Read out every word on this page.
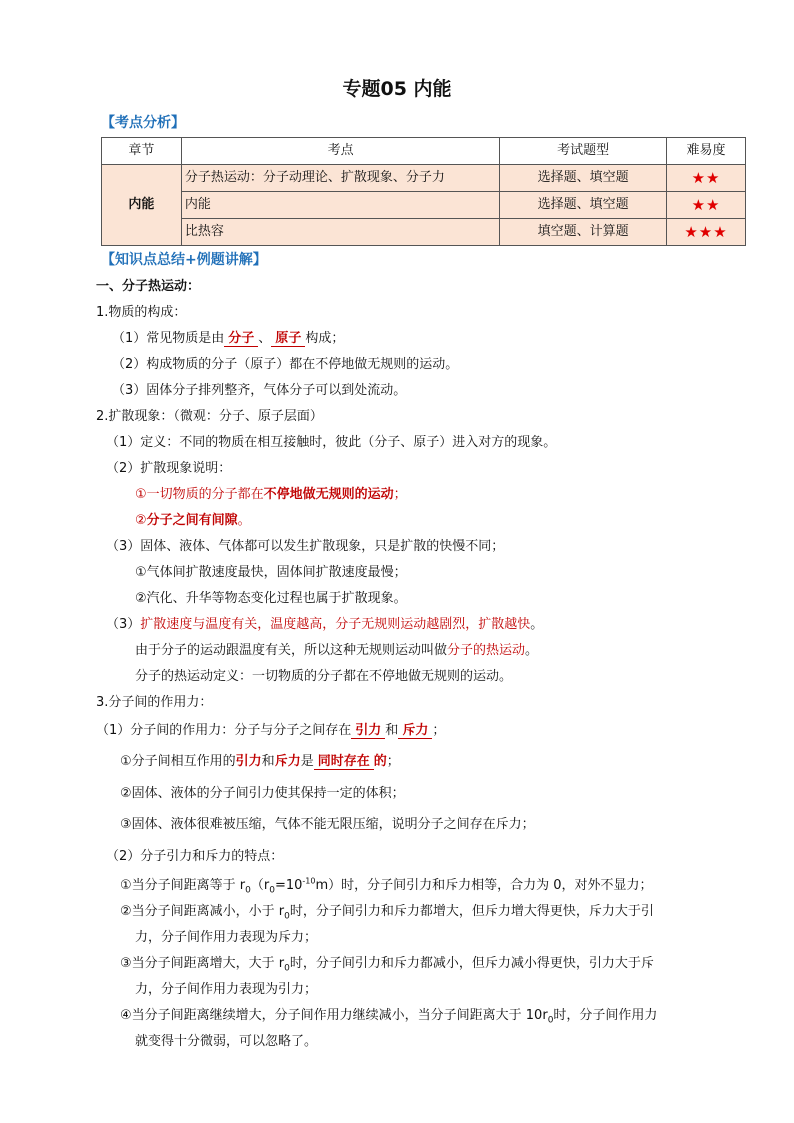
专题05 内能
【考点分析】
章节	考点	考试题型	难易度
内能	分子热运动：分子动理论、扩散现象、分子力	选择题、填空题	★★
	内能	选择题、填空题	★★
	比热容	填空题、计算题	★★★
【知识点总结+例题讲解】
一、分子热运动：
1.物质的构成：
（1）常见物质是由 分子 、 原子 构成；
（2）构成物质的分子（原子）都在不停地做无规则的运动。
（3）固体分子排列整齐，气体分子可以到处流动。
2.扩散现象：（微观：分子、原子层面）
（1）定义：不同的物质在相互接触时，彼此（分子、原子）进入对方的现象。
（2）扩散现象说明：
①一切物质的分子都在不停地做无规则的运动；
②分子之间有间隙。
（3）固体、液体、气体都可以发生扩散现象，只是扩散的快慢不同；
①气体间扩散速度最快，固体间扩散速度最慢；
②汽化、升华等物态变化过程也属于扩散现象。
（3）扩散速度与温度有关，温度越高，分子无规则运动越剧烈，扩散越快。
由于分子的运动跟温度有关，所以这种无规则运动叫做分子的热运动。
分子的热运动定义：一切物质的分子都在不停地做无规则的运动。
3.分子间的作用力：
（1）分子间的作用力：分子与分子之间存在 引力 和 斥力 ；
①分子间相互作用的引力和斥力是 同时存在 的；
②固体、液体的分子间引力使其保持一定的体积；
③固体、液体很难被压缩，气体不能无限压缩，说明分子之间存在斥力；
（2）分子引力和斥力的特点：
①当分子间距离等于 $r_0(r_0=10^{-10}m)$时，分子间引力和斥力相等，合力为 0，对外不显力；
②当分子间距离减小，小于 $r_0$时，分子间引力和斥力都增大，但斥力增大得更快，斥力大于引
力，分子间作用力表现为斥力；
③当分子间距离增大，大于 $r_0$时，分子间引力和斥力都减小，但斥力减小得更快，引力大于斥
力，分子间作用力表现为引力；
④当分子间距离继续增大，分子间作用力继续减小，当分子间距离大于 $10r_0$时，分子间作用力
就变得十分微弱，可以忽略了。
